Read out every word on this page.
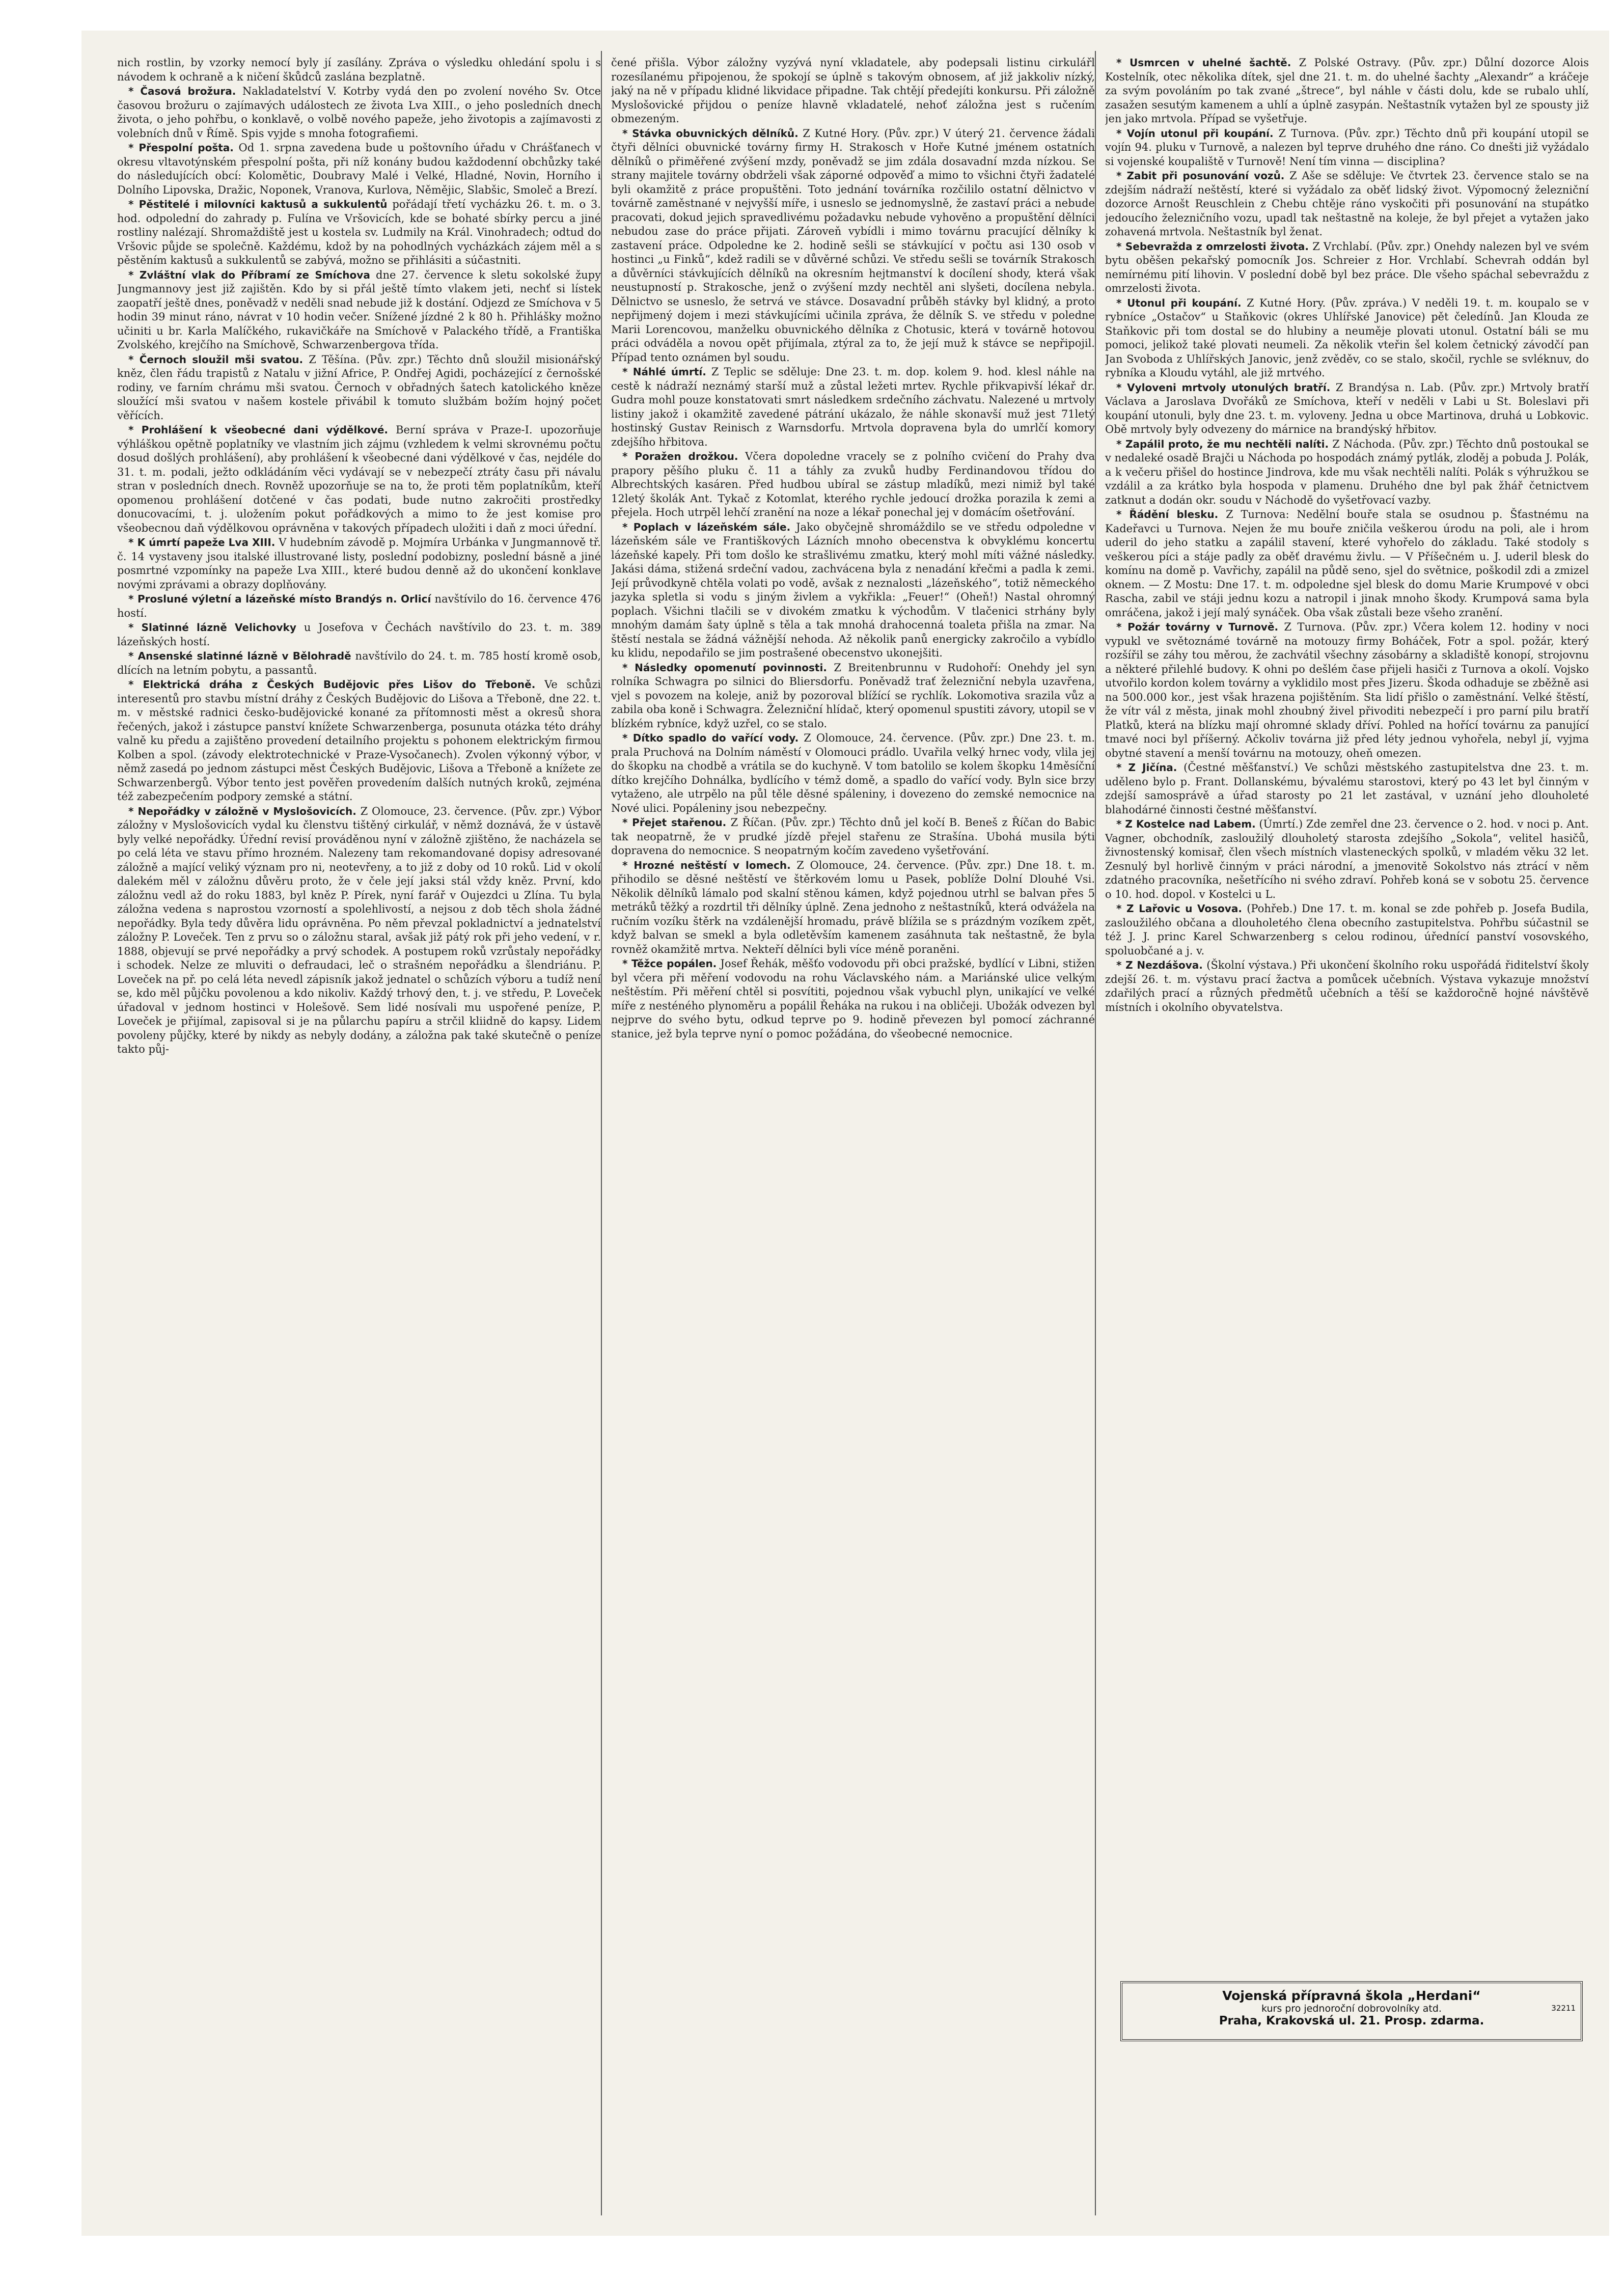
nich rostlin, by vzorky nemocí byly jí zasílány. Zpráva o výsledku ohledání spolu i s návodem k ochraně a k ničení škůdců zaslána bezplatně.

* Časová brožura. Nakladatelství V. Kotrby vydá den po zvolení nového Sv. Otce časovou brožuru o zajímavých událostech ze života Lva XIII., o jeho posledních dnech života, o jeho pohřbu, o konklavě, o volbě nového papeže, jeho životopis a zajímavosti z volebních dnů v Římě. Spis vyjde s mnoha fotografiemi.

* Přespolní pošta. Od 1. srpna zavedena bude u poštovního úřadu v Chrášťanech v okresu vltavotýnském přespolní pošta, při níž konány budou každodenní obchůzky také do následujících obcí: Kolomětic, Doubravy Malé i Velké, Hladné, Novin, Horního i Dolního Lipovska, Dražic, Noponek, Vranova, Kurlova, Němějic, Slabšic, Smoleč a Brezí.

* Pěstitelé i milovníci kaktusů a sukkulentů pořádají třetí vycházku 26. t. m. o 3. hod. odpolední do zahrady p. Fulína ve Vršovicích, kde se bohaté sbírky percu a jiné rostliny nalézají. Shromaždiště jest u kostela sv. Ludmily na Král. Vinohradech; odtud do Vršovic půjde se společně. Každému, kdož by na pohodlných vycházkách zájem měl a s pěstěním kaktusů a sukkulentů se zabývá, možno se přihlásiti a súčastniti.

* Zvláštní vlak do Příbramí ze Smíchova dne 27. července k sletu sokolské župy Jungmannovy jest již zajištěn. Kdo by si přál ještě tímto vlakem jeti, nechť si lístek zaopatří ještě dnes, poněvadž v neděli snad nebude již k dostání. Odjezd ze Smíchova v 5 hodin 39 minut ráno, návrat v 10 hodin večer. Snížené jízdné 2 k 80 h. Přihlášky možno učiniti u br. Karla Malíčkého, rukavičkáře na Smíchově v Palackého třídě, a Františka Zvolského, krejčího na Smíchově, Schwarzenbergova třída.

* Černoch sloužil mši svatou. Z Těšína. (Pův. zpr.) Těchto dnů sloužil misionářský kněz, člen řádu trapistů z Natalu v jižní Africe, P. Ondřej Agidi, pocházející z černošské rodiny, ve farním chrámu mši svatou. Černoch v obřadných šatech katolického kněze sloužící mši svatou v našem kostele přivábil k tomuto službám božím hojný počet věřících.

* Prohlášení k všeobecné dani výdělkové. Berní správa v Praze-I. upozorňuje výhláškou opětně poplatníky ve vlastním jich zájmu (vzhledem k velmi skrovnému počtu dosud došlých prohlášení), aby prohlášení k všeobecné dani výdělkové v čas, nejdéle do 31. t. m. podali, ježto odkládáním věci vydávají se v nebezpečí ztráty času při návalu stran v posledních dnech. Rovněž upozorňuje se na to, že proti těm poplatníkům, kteří opomenou prohlášení dotčené v čas podati, bude nutno zakročiti prostředky donucovacími, t. j. uložením pokut pořádkových a mimo to že jest komise pro všeobecnou daň výdělkovou oprávněna v takových případech uložiti i daň z moci úřední.

* K úmrtí papeže Lva XIII. V hudebním závodě p. Mojmíra Urbánka v Jungmannově tř. č. 14 vystaveny jsou italské illustrované listy, poslední podobizny, poslední básně a jiné posmrtné vzpomínky na papeže Lva XIII., které budou denně až do ukončení konklave novými zprávami a obrazy doplňovány.

* Prosluné výletní a lázeňské místo Brandýs n. Orlicí navštívilo do 16. července 476 hostí.

* Slatinné lázně Velichovky u Josefova v Čechách navštívilo do 23. t. m. 389 lázeňských hostí.

* Ansenské slatinné lázně v Bělohradě navštívilo do 24. t. m. 785 hostí kromě osob, dlících na letním pobytu, a passantů.

* Elektrická dráha z Českých Budějovic přes Lišov do Třeboně. Ve schůzi interesentů pro stavbu místní dráhy z Českých Budějovic do Lišova a Třeboně, dne 22. t. m. v městské radnici česko-budějovické konané za přítomnosti měst a okresů shora řečených, jakož i zástupce panství knížete Schwarzenberga, posunuta otázka této dráhy valně ku předu a zajištěno provedení detailního projektu s pohonem elektrickým firmou Kolben a spol. (závody elektrotechnické v Praze-Vysočanech). Zvolen výkonný výbor, v němž zasedá po jednom zástupci měst Českých Budějovic, Lišova a Třeboně a knížete ze Schwarzenbergů. Výbor tento jest pověřen provedením dalších nutných kroků, zejména též zabezpečením podpory zemské a státní.

* Nepořádky v záložně v Myslošovicích. Z Olomouce, 23. července. (Pův. zpr.) Výbor záložny v Myslošovicích vydal ku členstvu tištěný cirkulář, v němž doznává, že v ústavě byly velké nepořádky. Úřední revisí prováděnou nyní v záložně zjištěno, že nacházela se po celá léta ve stavu přímo hrozném. Nalezeny tam rekomandované dopisy adresované záložně a mající veliký význam pro ni, neotevřeny, a to již z doby od 10 roků. Lid v okolí dalekém měl v záložnu důvěru proto, že v čele její jaksi stál vždy kněz. První, kdo záložnu vedl až do roku 1883, byl kněz P. Pírek, nyní farář v Oujezdci u Zlína. Tu byla záložna vedena s naprostou vzorností a spolehlivostí, a nejsou z dob těch shola žádné nepořádky. Byla tedy důvěra lidu oprávněna. Po něm převzal pokladnictví a jednatelství záložny P. Loveček. Ten z prvu so o záložnu staral, avšak již pátý rok při jeho vedení, v r. 1888, objevují se prvé nepořádky a prvý schodek. A postupem roků vzrůstaly nepořádky i schodek. Nelze ze mluviti o defraudaci, leč o strašném nepořádku a šlendriánu. P. Loveček na př. po celá léta nevedl zápisník jakož jednatel o schůzích výboru a tudíž není se, kdo měl půjčku povolenou a kdo nikoliv. Každý trhový den, t. j. ve středu, P. Loveček úřadoval v jednom hostinci v Holešově. Sem lidé nosívali mu uspořené peníze, P. Loveček je přijímal, zapisoval si je na půlarchu papíru a strčil kliidně do kapsy. Lidem povoleny půjčky, které by nikdy as nebyly dodány, a záložna pak také skutečně o peníze takto půj-

čené přišla. Výbor záložny vyzývá nyní vkladatele, aby podepsali listinu cirkulářl rozesílanému připojenou, že spokojí se úplně s takovým obnosem, ať již jakkoliv nízký, jaký na ně v případu klidné likvidace připadne. Tak chtějí předejíti konkursu. Při záložně Myslošovické přijdou o peníze hlavně vkladatelé, nehoť záložna jest s ručením obmezeným.

* Stávka obuvnických dělníků. Z Kutné Hory. (Pův. zpr.) V úterý 21. července žádali čtyři dělníci obuvnické továrny firmy H. Strakosch v Hoře Kutné jménem ostatních dělníků o přiměřené zvýšení mzdy, poněvadž se jim zdála dosavadní mzda nízkou. Se strany majitele továrny obdrželi však záporné odpověď a mimo to všichni čtyři žadatelé byli okamžitě z práce propuštěni. Toto jednání továrníka rozčililo ostatní dělnictvo v továrně zaměstnané v nejvyšší míře, i usneslo se jednomyslně, že zastaví práci a nebude pracovati, dokud jejich spravedlivému požadavku nebude vyhověno a propuštění dělníci nebudou zase do práce přijati. Zároveň vybídli i mimo továrnu pracující dělníky k zastavení práce. Odpoledne ke 2. hodině sešli se stávkující v počtu asi 130 osob v hostinci „u Finků“, kdež radili se v důvěrné schůzi. Ve středu sešli se továrník Strakosch a důvěrníci stávkujících dělníků na okresním hejtmanství k docílení shody, která však neustupností p. Strakosche, jenž o zvýšení mzdy nechtěl ani slyšeti, docílena nebyla. Dělnictvo se usneslo, že setrvá ve stávce. Dosavadní průběh stávky byl klidný, a proto nepřijmený dojem i mezi stávkujícími učinila zpráva, že dělník S. ve středu v poledne Marii Lorencovou, manželku obuvnického dělníka z Chotusic, která v továrně hotovou práci odváděla a novou opět přijímala, ztýral za to, že její muž k stávce se nepřipojil. Případ tento oznámen byl soudu.

* Náhlé úmrtí. Z Teplic se sděluje: Dne 23. t. m. dop. kolem 9. hod. klesl náhle na cestě k nádraží neznámý starší muž a zůstal ležeti mrtev. Rychle přikvapivší lékař dr. Gudra mohl pouze konstatovati smrt následkem srdečního záchvatu. Nalezené u mrtvoly listiny jakož i okamžitě zavedené pátrání ukázalo, že náhle skonavší muž jest 71letý hostinský Gustav Reinisch z Warnsdorfu. Mrtvola dopravena byla do umrlčí komory zdejšího hřbitova.

* Poražen drožkou. Včera dopoledne vracely se z polního cvičení do Prahy dva prapory pěšího pluku č. 11 a táhly za zvuků hudby Ferdinandovou třídou do Albrechtských kasáren. Před hudbou ubíral se zástup mladíků, mezi nimiž byl také 12letý školák Ant. Tykač z Kotomlat, kterého rychle jedoucí drožka porazila k zemi a přejela. Hoch utrpěl lehčí zranění na noze a lékař ponechal jej v domácím ošetřování.

* Poplach v lázeňském sále. Jako obyčejně shromáždilo se ve středu odpoledne v lázeňském sále ve Františkových Lázních mnoho obecenstva k obvyklému koncertu lázeňské kapely. Při tom došlo ke strašlivému zmatku, který mohl míti vážné následky. Jakási dáma, stižená srdeční vadou, zachvácena byla z nenadání křečmi a padla k zemi. Její průvodkyně chtěla volati po vodě, avšak z neznalosti „lázeňského“, totiž německého jazyka spletla si vodu s jiným živlem a vykřikla: „Feuer!“ (Oheň!) Nastal ohromný poplach. Všichni tlačili se v divokém zmatku k východům. V tlačenici strhány byly mnohým damám šaty úplně s těla a tak mnohá drahocenná toaleta přišla na zmar. Na štěstí nestala se žádná vážnější nehoda. Až několik panů energicky zakročilo a vybídlo ku klidu, nepodařilo se jim postrašené obecenstvo ukonejšiti.

* Následky opomenutí povinnosti. Z Breitenbrunnu v Rudohoří: Onehdy jel syn rolníka Schwagra po silnici do Bliersdorfu. Poněvadž trať železniční nebyla uzavřena, vjel s povozem na koleje, aniž by pozoroval blížící se rychlík. Lokomotiva srazila vůz a zabila oba koně i Schwagra. Železniční hlídač, který opomenul spustiti závory, utopil se v blízkém rybníce, když uzřel, co se stalo.

* Dítko spadlo do vařící vody. Z Olomouce, 24. července. (Pův. zpr.) Dne 23. t. m. prala Pruchová na Dolním náměstí v Olomouci prádlo. Uvařila velký hrnec vody, vlila jej do škopku na chodbě a vrátila se do kuchyně. V tom batolilo se kolem škopku 14měsíční dítko krejčího Dohnálka, bydlícího v témž domě, a spadlo do vařící vody. Byln sice brzy vytaženo, ale utrpělo na půl těle děsné spáleniny, i dovezeno do zemské nemocnice na Nové ulici. Popáleniny jsou nebezpečny.

* Přejet stařenou. Z Říčan. (Pův. zpr.) Těchto dnů jel kočí B. Beneš z Říčan do Babic tak neopatrně, že v prudké jízdě přejel stařenu ze Strašína. Ubohá musila býti dopravena do nemocnice. S neopatrným kočím zavedeno vyšetřování.

* Hrozné neštěstí v lomech. Z Olomouce, 24. července. (Pův. zpr.) Dne 18. t. m. přihodilo se děsné neštěstí ve štěrkovém lomu u Pasek, poblíže Dolní Dlouhé Vsi. Několik dělníků lámalo pod skalní stěnou kámen, když pojednou utrhl se balvan přes 5 metráků těžký a rozdrtil tři dělníky úplně. Zena jednoho z neštastníků, která odvážela na ručním vozíku štěrk na vzdálenější hromadu, právě blížila se s prázdným vozíkem zpět, když balvan se smekl a byla odletěvším kamenem zasáhnuta tak neštastně, že byla rovněž okamžitě mrtva. Nekteří dělníci byli více méně poraněni.

* Těžce popálen. Josef Řehák, měšťo vodovodu při obci pražské, bydlící v Libni, stižen byl včera při měření vodovodu na rohu Václavského nám. a Mariánské ulice velkým neštěstím. Při měření chtěl si posvítiti, pojednou však vybuchl plyn, unikající ve velké míře z nesténého plynoměru a popálil Řeháka na rukou i na obličeji. Ubožák odvezen byl nejprve do svého bytu, odkud teprve po 9. hodině převezen byl pomocí záchranné stanice, jež byla teprve nyní o pomoc požádána, do všeobecné nemocnice.

* Usmrcen v uhelné šachtě. Z Polské Ostravy. (Pův. zpr.) Důlní dozorce Alois Kostelník, otec několika dítek, sjel dne 21. t. m. do uhelné šachty „Alexandr“ a kráčeje za svým povoláním po tak zvané „štrece“, byl náhle v části dolu, kde se rubalo uhlí, zasažen sesutým kamenem a uhlí a úplně zasypán. Neštastník vytažen byl ze spousty již jen jako mrtvola. Případ se vyšetřuje.

* Vojín utonul při koupání. Z Turnova. (Pův. zpr.) Těchto dnů při koupání utopil se vojín 94. pluku v Turnově, a nalezen byl teprve druhého dne ráno. Co dnešti již vyžádalo si vojenské koupaliště v Turnově! Není tím vinna — disciplina?

* Zabit při posunování vozů. Z Aše se sděluje: Ve čtvrtek 23. července stalo se na zdejším nádraží neštěstí, které si vyžádalo za oběť lidský život. Výpomocný železniční dozorce Arnošt Reuschlein z Chebu chtěje ráno vyskočiti při posunování na stupátko jedoucího železničního vozu, upadl tak neštastně na koleje, že byl přejet a vytažen jako zohavená mrtvola. Neštastník byl ženat.

* Sebevražda z omrzelosti života. Z Vrchlabí. (Pův. zpr.) Onehdy nalezen byl ve svém bytu oběšen pekařský pomocník Jos. Schreier z Hor. Vrchlabí. Schevrah oddán byl nemírnému pití lihovin. V poslední době byl bez práce. Dle všeho spáchal sebevraždu z omrzelosti života.

* Utonul při koupání. Z Kutné Hory. (Pův. zpráva.) V neděli 19. t. m. koupalo se v rybníce „Ostačov“ u Staňkovic (okres Uhlířské Janovice) pět čeledínů. Jan Klouda ze Staňkovic při tom dostal se do hlubiny a neuměje plovati utonul. Ostatní báli se mu pomoci, jelikož také plovati neumeli. Za několik vteřin šel kolem četnický závodčí pan Jan Svoboda z Uhlířských Janovic, jenž zvěděv, co se stalo, skočil, rychle se svléknuv, do rybníka a Kloudu vytáhl, ale již mrtvého.

* Vyloveni mrtvoly utonulých bratří. Z Brandýsa n. Lab. (Pův. zpr.) Mrtvoly bratří Václava a Jaroslava Dvořáků ze Smíchova, kteří v neděli v Labi u St. Boleslavi při koupání utonuli, byly dne 23. t. m. vyloveny. Jedna u obce Martinova, druhá u Lobkovic. Obě mrtvoly byly odvezeny do márnice na brandýský hřbitov.

* Zapálil proto, že mu nechtěli nalíti. Z Náchoda. (Pův. zpr.) Těchto dnů postoukal se v nedaleké osadě Brajči u Náchoda po hospodách známý pytlák, zloděj a pobuda J. Polák, a k večeru přišel do hostince Jindrova, kde mu však nechtěli nalíti. Polák s výhružkou se vzdálil a za krátko byla hospoda v plamenu. Druhého dne byl pak žhář četnictvem zatknut a dodán okr. soudu v Náchodě do vyšetřovací vazby.

* Řádění blesku. Z Turnova: Nedělní bouře stala se osudnou p. Šťastnému na Kadeřavci u Turnova. Nejen že mu bouře zničila veškerou úrodu na poli, ale i hrom uderil do jeho statku a zapálil stavení, které vyhořelo do základu. Také stodoly s veškerou píci a stáje padly za oběť dravému živlu. — V Příšečném u. J. uderil blesk do komínu na domě p. Vavřichy, zapálil na půdě seno, sjel do světnice, poškodil zdi a zmizel oknem. — Z Mostu: Dne 17. t. m. odpoledne sjel blesk do domu Marie Krumpové v obci Rascha, zabil ve stáji jednu kozu a natropil i jinak mnoho škody. Krumpová sama byla omráčena, jakož i její malý synáček. Oba však zůstali beze všeho zranění.

* Požár továrny v Turnově. Z Turnova. (Pův. zpr.) Včera kolem 12. hodiny v noci vypukl ve světoznámé továrně na motouzy firmy Boháček, Fotr a spol. požár, který rozšířil se záhy tou měrou, že zachvátil všechny zásobárny a skladiště konopí, strojovnu a některé přilehlé budovy. K ohni po dešlém čase přijeli hasiči z Turnova a okolí. Vojsko utvořilo kordon kolem továrny a vyklidilo most přes Jizeru. Škoda odhaduje se zběžně asi na 500.000 kor., jest však hrazena pojištěním. Sta lidí přišlo o zaměstnání. Velké štěstí, že vítr vál z města, jinak mohl zhoubný živel přivoditi nebezpečí i pro parní pilu bratří Platků, která na blízku mají ohromné sklady dříví. Pohled na hořící továrnu za panující tmavé noci byl příšerný. Ačkoliv továrna již před léty jednou vyhořela, nebyl jí, vyjma obytné stavení a menší továrnu na motouzy, oheň omezen.

* Z Jičína. (Čestné měšťanství.) Ve schůzi městského zastupitelstva dne 23. t. m. uděleno bylo p. Frant. Dollanskému, bývalému starostovi, který po 43 let byl činným v zdejší samosprávě a úřad starosty po 21 let zastával, v uznání jeho dlouholeté blahodárné činnosti čestné měšťanství.

* Z Kostelce nad Labem. (Úmrtí.) Zde zemřel dne 23. července o 2. hod. v noci p. Ant. Vagner, obchodník, zasloužilý dlouholetý starosta zdejšího „Sokola“, velitel hasičů, živnostenský komisař, člen všech místních vlasteneckých spolků, v mladém věku 32 let. Zesnulý byl horlivě činným v práci národní, a jmenovitě Sokolstvo nás ztrácí v něm zdatného pracovníka, nešetřícího ni svého zdraví. Pohřeb koná se v sobotu 25. července o 10. hod. dopol. v Kostelci u L.

* Z Lařovic u Vosova. (Pohřeb.) Dne 17. t. m. konal se zde pohřeb p. Josefa Budila, zasloužilého občana a dlouholetého člena obecního zastupitelstva. Pohřbu súčastnil se též J. J. princ Karel Schwarzenberg s celou rodinou, úřednící panství vosovského, spoluobčané a j. v.

* Z Nezdášova. (Školní výstava.) Při ukončení školního roku uspořádá řiditelství školy zdejší 26. t. m. výstavu prací žactva a pomůcek učebních. Výstava vykazuje množství zdařilých prací a různých předmětů učebních a těší se každoročně hojné návštěvě místních i okolního obyvatelstva.

Vojenská přípravná škola „Herdani“
kurs pro jednoroční dobrovolníky atd.
Praha, Krakovská ul. 21. Prosp. zdarma.
32211
